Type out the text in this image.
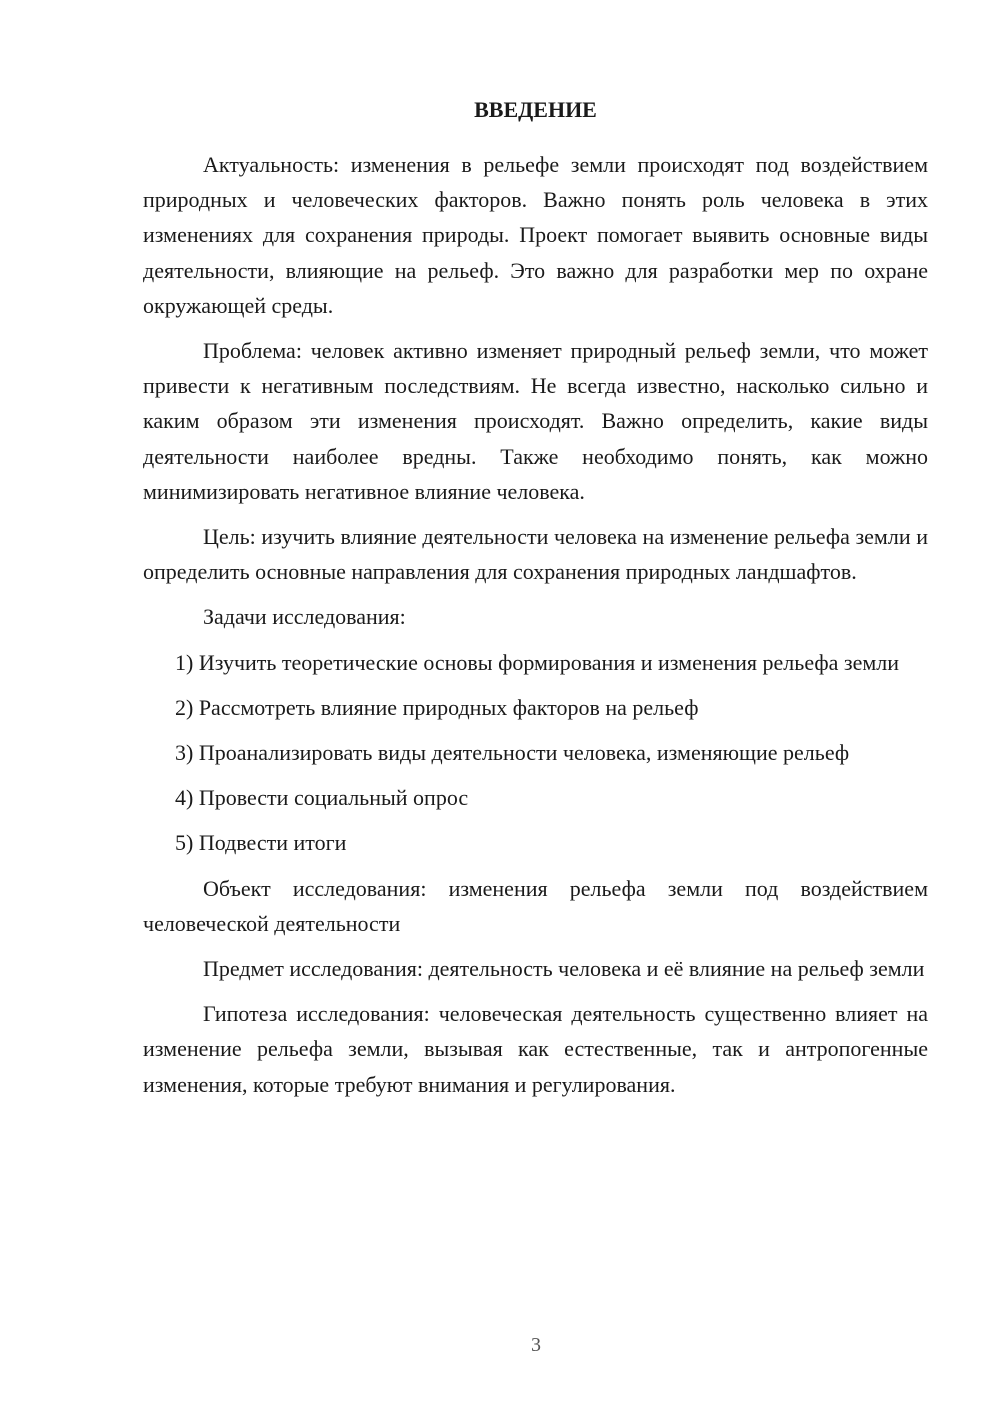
ВВЕДЕНИЕ

Актуальность: изменения в рельефе земли происходят под воздействием природных и человеческих факторов. Важно понять роль человека в этих изменениях для сохранения природы. Проект помогает выявить основные виды деятельности, влияющие на рельеф. Это важно для разработки мер по охране окружающей среды.

Проблема: человек активно изменяет природный рельеф земли, что может привести к негативным последствиям. Не всегда известно, насколько сильно и каким образом эти изменения происходят. Важно определить, какие виды деятельности наиболее вредны. Также необходимо понять, как можно минимизировать негативное влияние человека.

Цель: изучить влияние деятельности человека на изменение рельефа земли и определить основные направления для сохранения природных ландшафтов.

Задачи исследования:

1) Изучить теоретические основы формирования и изменения рельефа земли

2) Рассмотреть влияние природных факторов на рельеф

3) Проанализировать виды деятельности человека, изменяющие рельеф

4) Провести социальный опрос

5) Подвести итоги

Объект исследования: изменения рельефа земли под воздействием человеческой деятельности

Предмет исследования: деятельность человека и её влияние на рельеф земли

Гипотеза исследования: человеческая деятельность существенно влияет на изменение рельефа земли, вызывая как естественные, так и антропогенные изменения, которые требуют внимания и регулирования.

3
